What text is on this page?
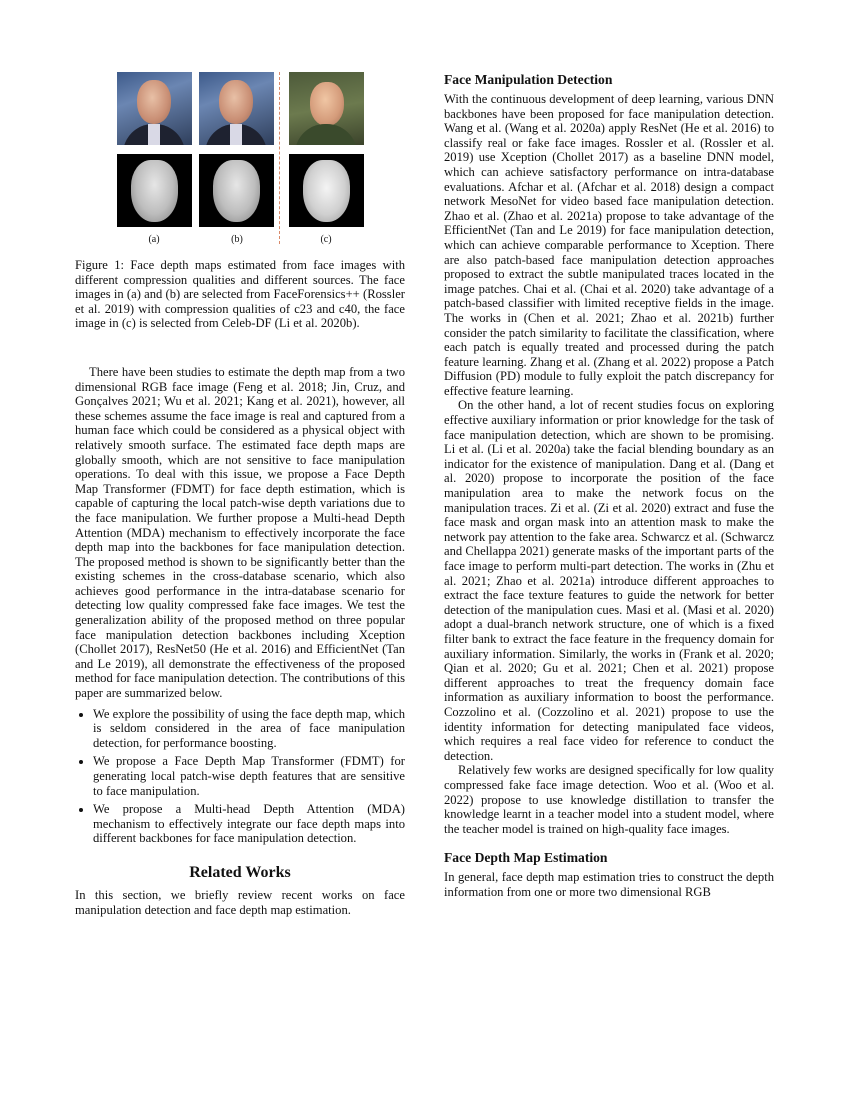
(a)	(b)	(c)

Figure 1: Face depth maps estimated from face images with different compression qualities and different sources. The face images in (a) and (b) are selected from FaceForensics++ (Rossler et al. 2019) with compression qualities of c23 and c40, the face image in (c) is selected from Celeb-DF (Li et al. 2020b).

There have been studies to estimate the depth map from a two dimensional RGB face image (Feng et al. 2018; Jin, Cruz, and Gonçalves 2021; Wu et al. 2021; Kang et al. 2021), however, all these schemes assume the face image is real and captured from a human face which could be considered as a physical object with relatively smooth surface. The estimated face depth maps are globally smooth, which are not sensitive to face manipulation operations. To deal with this issue, we propose a Face Depth Map Transformer (FDMT) for face depth estimation, which is capable of capturing the local patch-wise depth variations due to the face manipulation. We further propose a Multi-head Depth Attention (MDA) mechanism to effectively incorporate the face depth map into the backbones for face manipulation detection. The proposed method is shown to be significantly better than the existing schemes in the cross-database scenario, which also achieves good performance in the intra-database scenario for detecting low quality compressed fake face images. We test the generalization ability of the proposed method on three popular face manipulation detection backbones including Xception (Chollet 2017), ResNet50 (He et al. 2016) and EfficientNet (Tan and Le 2019), all demonstrate the effectiveness of the proposed method for face manipulation detection. The contributions of this paper are summarized below.

• We explore the possibility of using the face depth map, which is seldom considered in the area of face manipulation detection, for performance boosting.
• We propose a Face Depth Map Transformer (FDMT) for generating local patch-wise depth features that are sensitive to face manipulation.
• We propose a Multi-head Depth Attention (MDA) mechanism to effectively integrate our face depth maps into different backbones for face manipulation detection.
Related Works

In this section, we briefly review recent works on face manipulation detection and face depth map estimation.

Face Manipulation Detection

With the continuous development of deep learning, various DNN backbones have been proposed for face manipulation detection. Wang et al. (Wang et al. 2020a) apply ResNet (He et al. 2016) to classify real or fake face images. Rossler et al. (Rossler et al. 2019) use Xception (Chollet 2017) as a baseline DNN model, which can achieve satisfactory performance on intra-database evaluations. Afchar et al. (Afchar et al. 2018) design a compact network MesoNet for video based face manipulation detection. Zhao et al. (Zhao et al. 2021a) propose to take advantage of the EfficientNet (Tan and Le 2019) for face manipulation detection, which can achieve comparable performance to Xception. There are also patch-based face manipulation detection approaches proposed to extract the subtle manipulated traces located in the image patches. Chai et al. (Chai et al. 2020) take advantage of a patch-based classifier with limited receptive fields in the image. The works in (Chen et al. 2021; Zhao et al. 2021b) further consider the patch similarity to facilitate the classification, where each patch is equally treated and processed during the patch feature learning. Zhang et al. (Zhang et al. 2022) propose a Patch Diffusion (PD) module to fully exploit the patch discrepancy for effective feature learning.

On the other hand, a lot of recent studies focus on exploring effective auxiliary information or prior knowledge for the task of face manipulation detection, which are shown to be promising. Li et al. (Li et al. 2020a) take the facial blending boundary as an indicator for the existence of manipulation. Dang et al. (Dang et al. 2020) propose to incorporate the position of the face manipulation area to make the network focus on the manipulation traces. Zi et al. (Zi et al. 2020) extract and fuse the face mask and organ mask into an attention mask to make the network pay attention to the fake area. Schwarcz et al. (Schwarcz and Chellappa 2021) generate masks of the important parts of the face image to perform multi-part detection. The works in (Zhu et al. 2021; Zhao et al. 2021a) introduce different approaches to extract the face texture features to guide the network for better detection of the manipulation cues. Masi et al. (Masi et al. 2020) adopt a dual-branch network structure, one of which is a fixed filter bank to extract the face feature in the frequency domain for auxiliary information. Similarly, the works in (Frank et al. 2020; Qian et al. 2020; Gu et al. 2021; Chen et al. 2021) propose different approaches to treat the frequency domain face information as auxiliary information to boost the performance. Cozzolino et al. (Cozzolino et al. 2021) propose to use the identity information for detecting manipulated face videos, which requires a real face video for reference to conduct the detection.

Relatively few works are designed specifically for low quality compressed fake face image detection. Woo et al. (Woo et al. 2022) propose to use knowledge distillation to transfer the knowledge learnt in a teacher model into a student model, where the teacher model is trained on high-quality face images.

Face Depth Map Estimation

In general, face depth map estimation tries to construct the depth information from one or more two dimensional RGB
